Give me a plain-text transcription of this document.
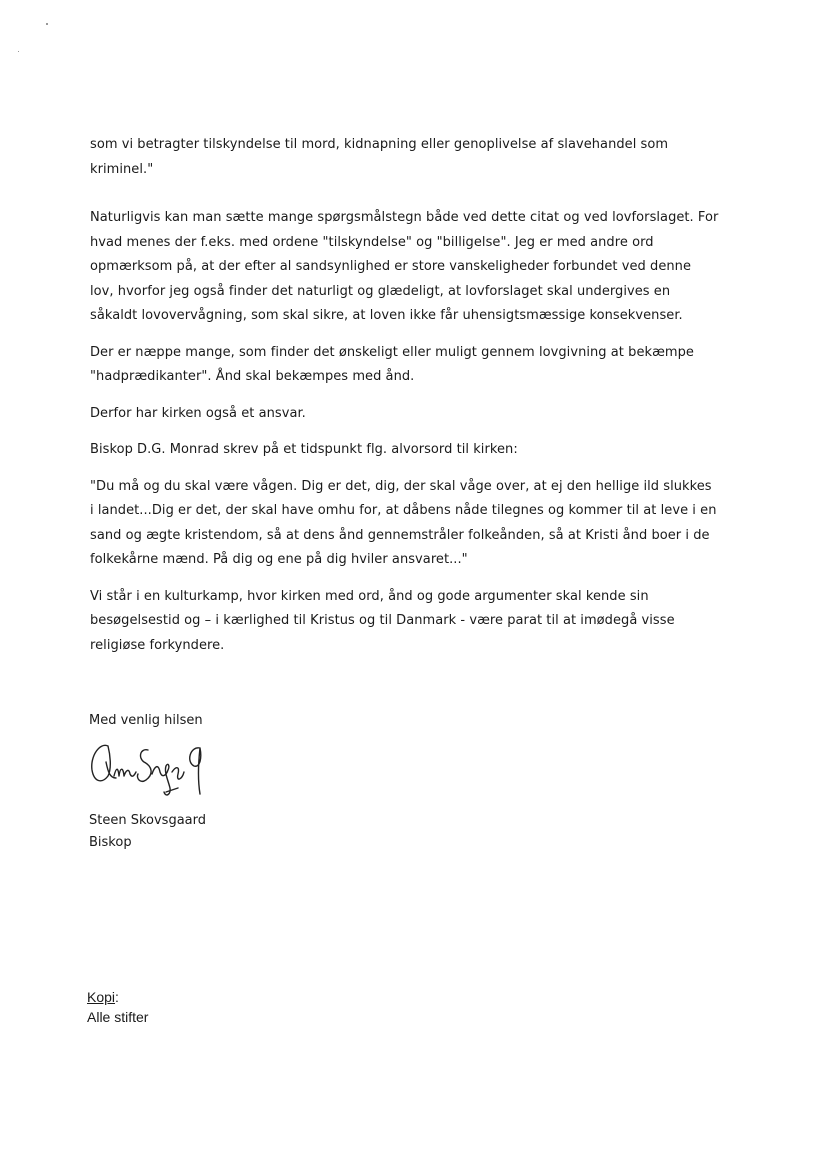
som vi betragter tilskyndelse til mord, kidnapning eller genoplivelse af slavehandel som
kriminel."

Naturligvis kan man sætte mange spørgsmålstegn både ved dette citat og ved lovforslaget. For
hvad menes der f.eks. med ordene "tilskyndelse" og "billigelse". Jeg er med andre ord
opmærksom på, at der efter al sandsynlighed er store vanskeligheder forbundet ved denne
lov, hvorfor jeg også finder det naturligt og glædeligt, at lovforslaget skal undergives en
såkaldt lovovervågning, som skal sikre, at loven ikke får uhensigtsmæssige konsekvenser.

Der er næppe mange, som finder det ønskeligt eller muligt gennem lovgivning at bekæmpe
"hadprædikanter". Ånd skal bekæmpes med ånd.

Derfor har kirken også et ansvar.

Biskop D.G. Monrad skrev på et tidspunkt flg. alvorsord til kirken:

"Du må og du skal være vågen. Dig er det, dig, der skal våge over, at ej den hellige ild slukkes
i landet...Dig er det, der skal have omhu for, at dåbens nåde tilegnes og kommer til at leve i en
sand og ægte kristendom, så at dens ånd gennemstråler folkeånden, så at Kristi ånd boer i de
folkekårne mænd. På dig og ene på dig hviler ansvaret..."

Vi står i en kulturkamp, hvor kirken med ord, ånd og gode argumenter skal kende sin
besøgelsestid og – i kærlighed til Kristus og til Danmark - være parat til at imødegå visse
religiøse forkyndere.

Med venlig hilsen
Steen Skovsgaard
Biskop
Kopi:
Alle stifter
